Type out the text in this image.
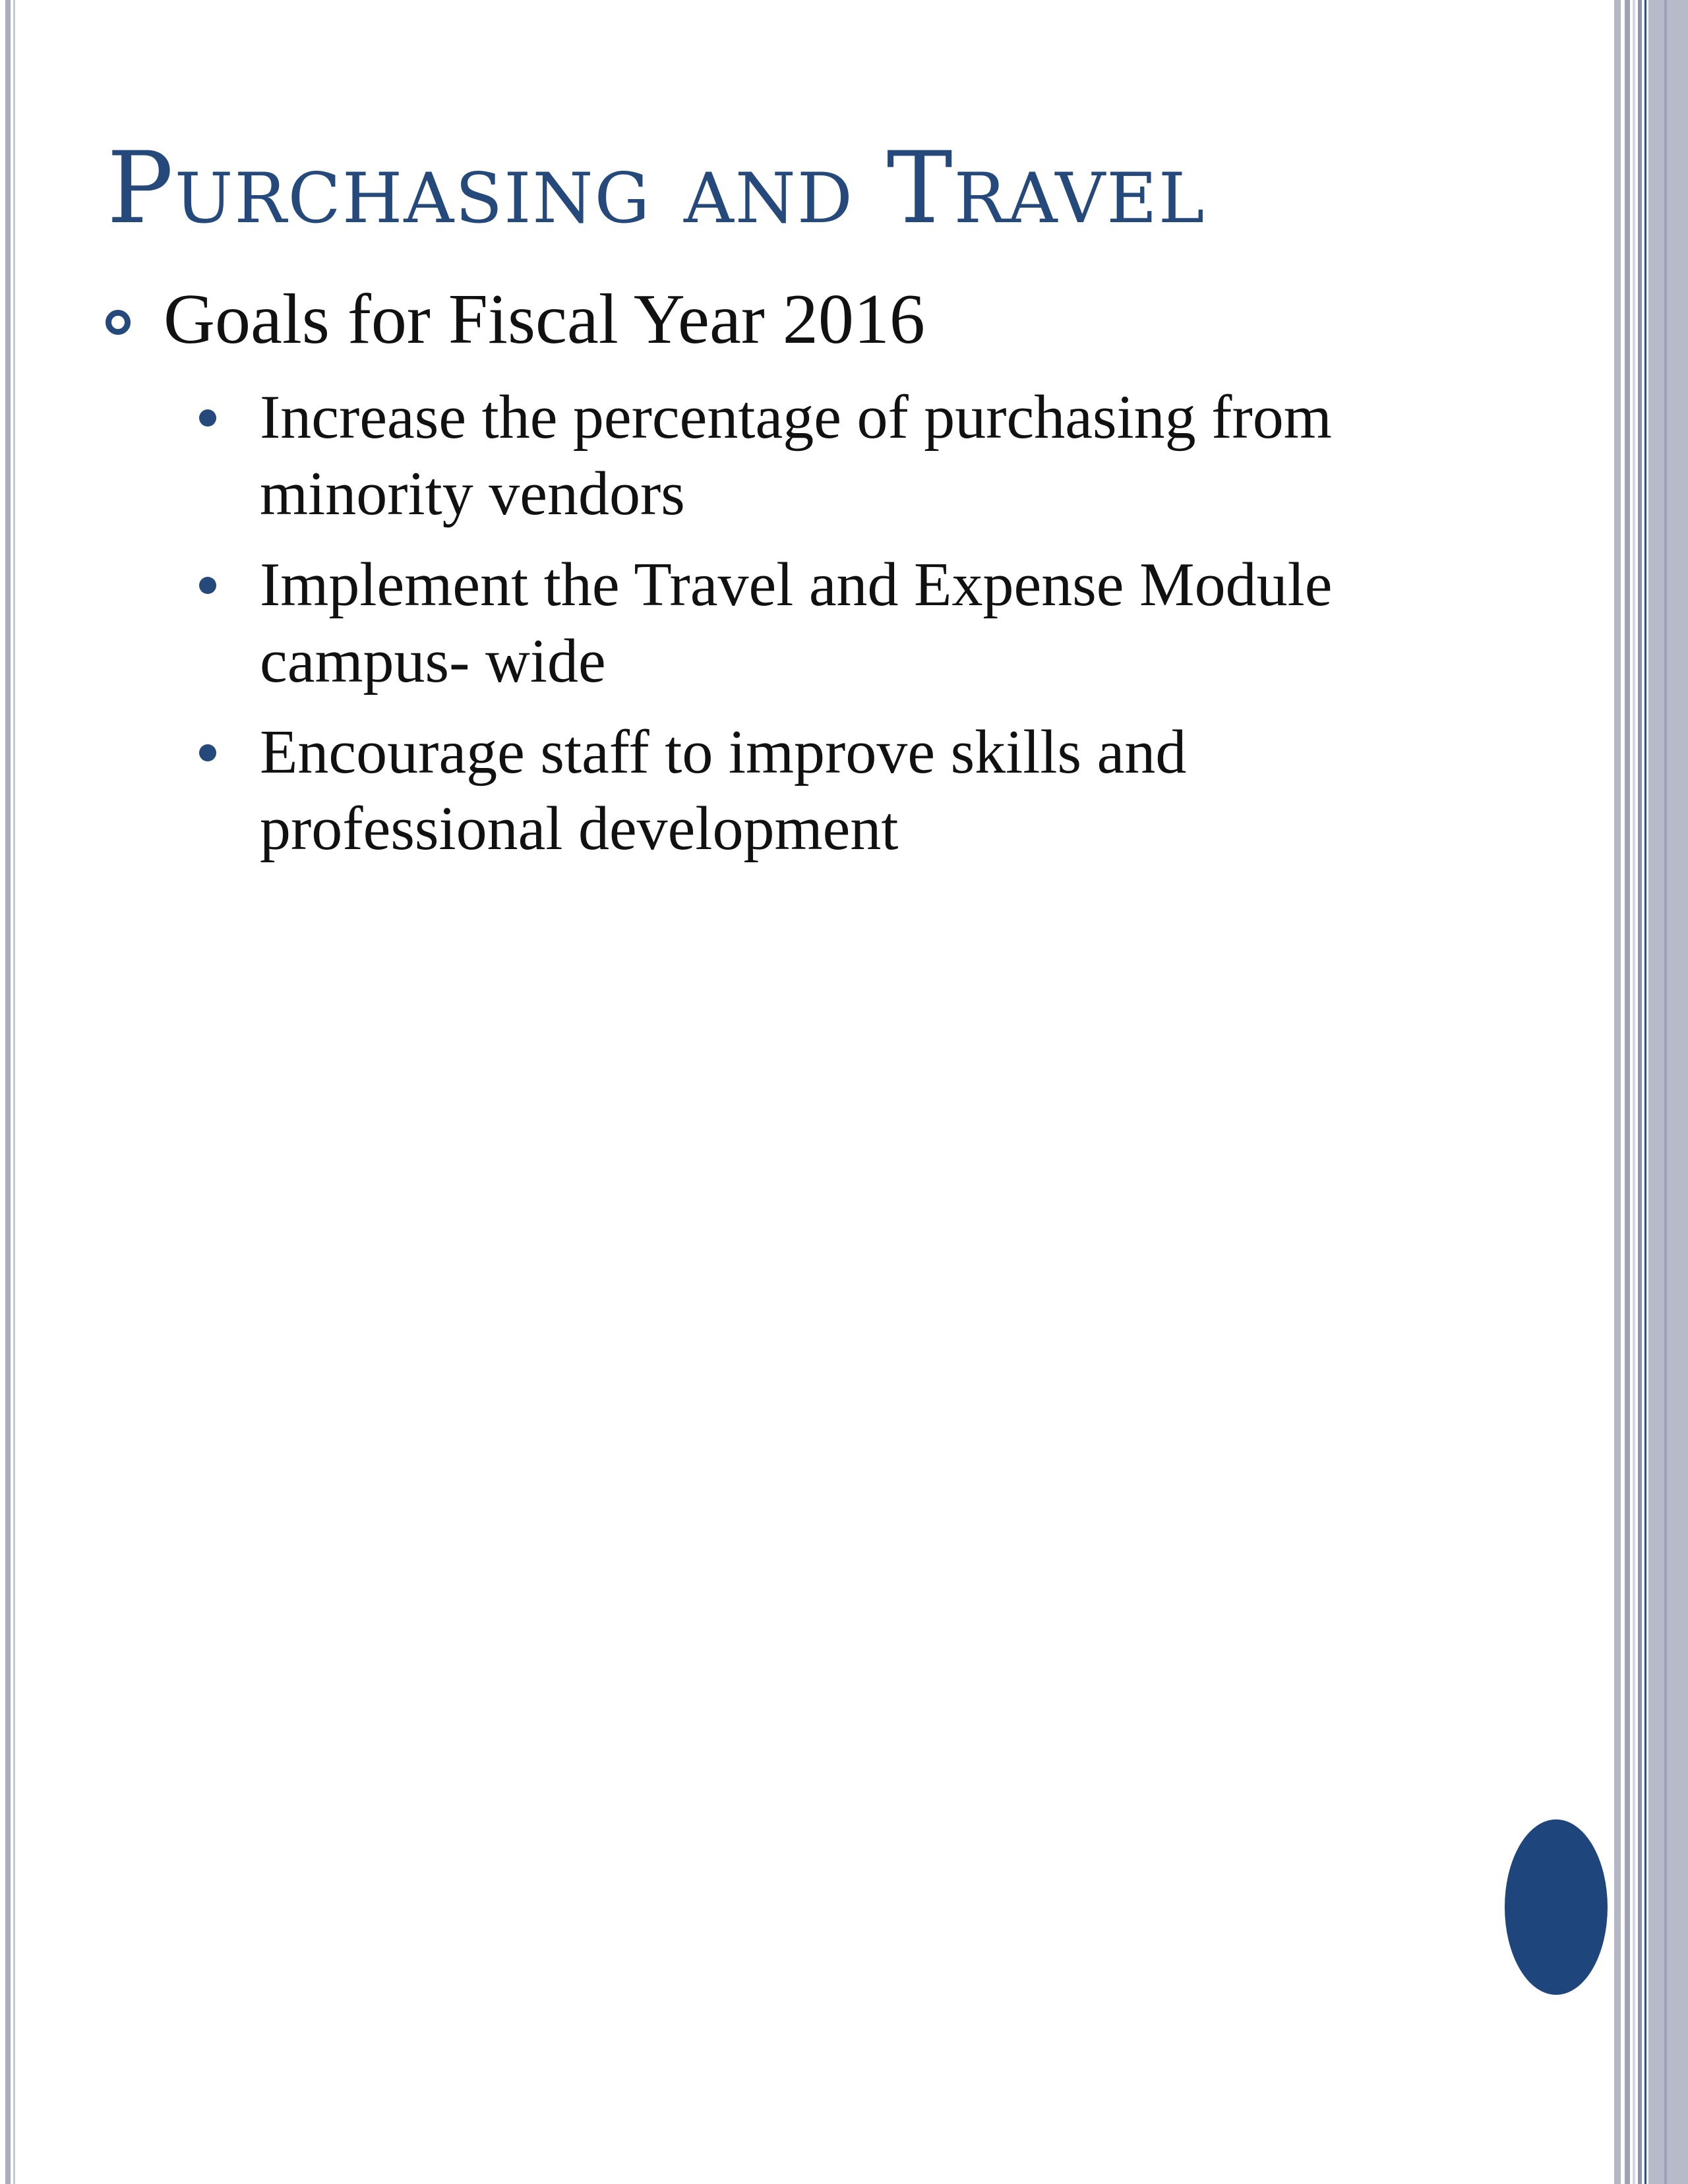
Purchasing and Travel
Goals for Fiscal Year 2016
Increase the percentage of purchasing from minority vendors
Implement the Travel and Expense Module campus- wide
Encourage staff to improve skills and professional development
